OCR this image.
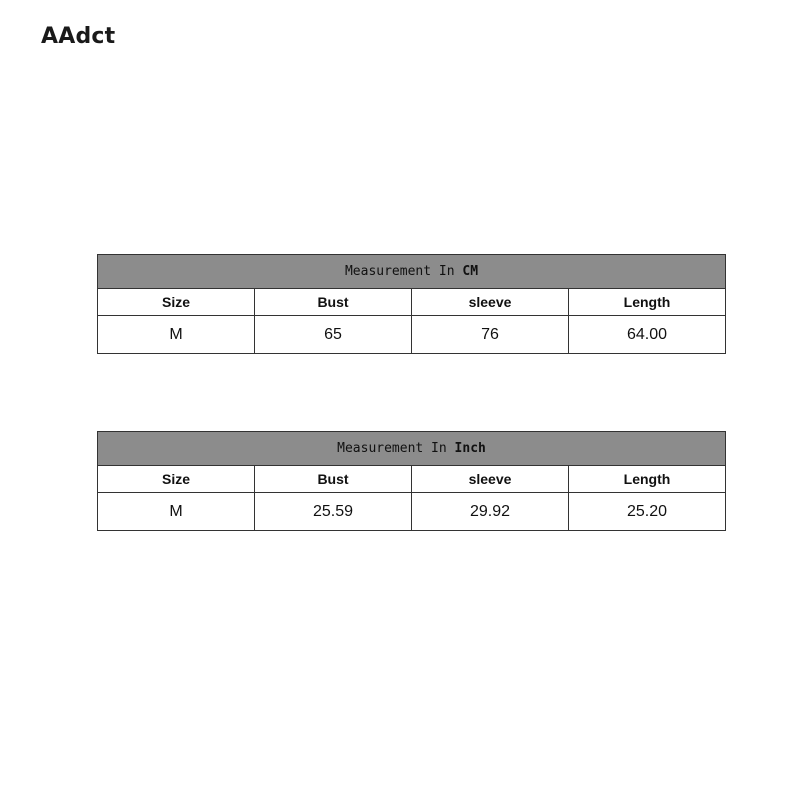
AAdct
Measurement In CM			
Size	Bust	sleeve	Length
M	65	76	64.00
Measurement In Inch			
Size	Bust	sleeve	Length
M	25.59	29.92	25.20
